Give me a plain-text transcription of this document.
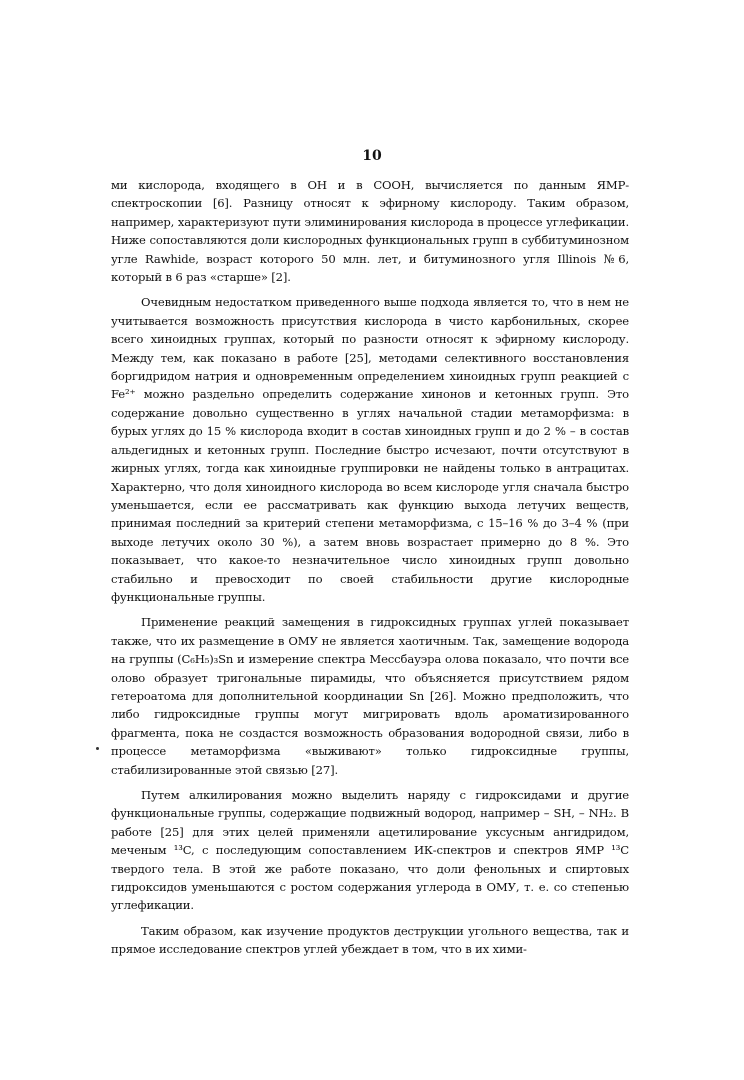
10

ми кислорода, входящего в OH и в COOH, вычисляется по данным ЯМР-спектроскопии [6]. Разницу относят к эфирному кислороду. Таким образом, например, характеризуют пути элиминирования кислорода в процессе углефикации. Ниже сопоставляются доли кислородных функциональных групп в суббитуминозном угле Rawhide, возраст которого 50 млн. лет, и битуминозного угля Illinois №6, который в 6 раз «старше» [2].

Очевидным недостатком приведенного выше подхода является то, что в нем не учитывается возможность присутствия кислорода в чисто карбонильных, скорее всего хиноидных группах, который по разности относят к эфирному кислороду. Между тем, как показано в работе [25], методами селективного восстановления боргидридом натрия и одновременным определением хиноидных групп реакцией с Fe²⁺ можно раздельно определить содержание хинонов и кетонных групп. Это содержание довольно существенно в углях начальной стадии метаморфизма: в бурых углях до 15 % кислорода входит в состав хиноидных групп и до 2 % – в состав альдегидных и кетонных групп. Последние быстро исчезают, почти отсутствуют в жирных углях, тогда как хиноидные группировки не найдены только в антрацитах. Характерно, что доля хиноидного кислорода во всем кислороде угля сначала быстро уменьшается, если ее рассматривать как функцию выхода летучих веществ, принимая последний за критерий степени метаморфизма, с 15–16 % до 3–4 % (при выходе летучих около 30 %), а затем вновь возрастает примерно до 8 %. Это показывает, что какое-то незначительное число хиноидных групп довольно стабильно и превосходит по своей стабильности другие кислородные функциональные группы.

Применение реакций замещения в гидроксидных группах углей показывает также, что их размещение в ОМУ не является хаотичным. Так, замещение водорода на группы (C₆H₅)₃Sn и измерение спектра Мессбауэра олова показало, что почти все олово образует тригональные пирамиды, что объясняется присутствием рядом гетероатома для дополнительной координации Sn [26]. Можно предположить, что либо гидроксидные группы могут мигрировать вдоль ароматизированного фрагмента, пока не создастся возможность образования водородной связи, либо в процессе метаморфизма «выживают» только гидроксидные группы, стабилизированные этой связью [27].

Путем алкилирования можно выделить наряду с гидроксидами и другие функциональные группы, содержащие подвижный водород, например – SH, – NH₂. В работе [25] для этих целей применяли ацетилирование уксусным ангидридом, меченым ¹³C, с последующим сопоставлением ИК-спектров и спектров ЯМР ¹³C твердого тела. В этой же работе показано, что доли фенольных и спиртовых гидроксидов уменьшаются с ростом содержания углерода в ОМУ, т. е. со степенью углефикации.

Таким образом, как изучение продуктов деструкции угольного вещества, так и прямое исследование спектров углей убеждает в том, что в их хими-
